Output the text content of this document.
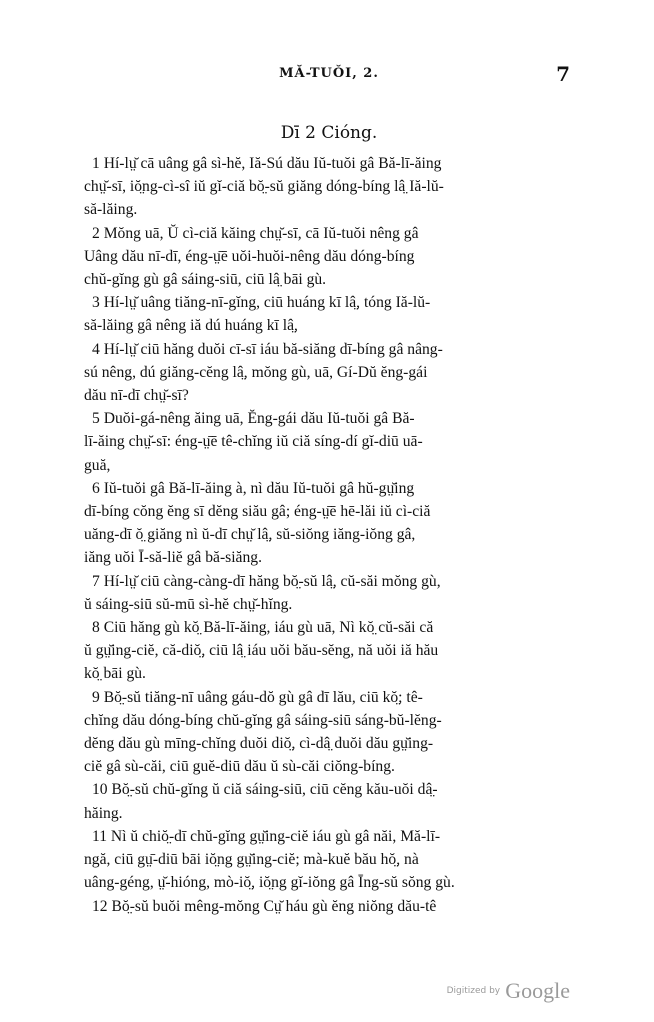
MĂ-TUŎI, 2.	7
Dī 2 Cióng.

1 Hí-lṳ̆ cā uâng gâ sì-hĕ, Iă-Sú dău Iŭ-tuŏi gâ Bă-lī-ăing
chṳ̆-sī, iŏ̤ng-cì-sî iŭ gĭ-ciă bŏ̤-sŭ giăng dóng-bíng lâ̤ Iă-lŭ-
să-lăing.

2 Mŏng uā, Ŭ cì-ciă kăing chṳ̆-sī, cā Iŭ-tuŏi nêng gâ
Uâng dău nī-dī, éng-ṳ̄ē uŏi-huŏi-nêng dău dóng-bíng
chŭ-gĭng gù gâ sáing-siū, ciū lâ̤ bāi gù.

3 Hí-lṳ̆ uâng tiăng-nī-gĭng, ciū huáng kī lâ̤, tóng Iă-lŭ-
să-lăing gâ nêng iă dú huáng kī lâ̤,

4 Hí-lṳ̆ ciū hăng duŏi cī-sī iáu bă-siăng dī-bíng gâ nâng-
sú nêng, dú giăng-cĕng lâ̤, mŏng gù, uā, Gí-Dŭ ĕng-gái
dău nī-dī chṳ̆-sī?

5 Duŏi-gá-nêng ăing uā, Ĕng-gái dău Iŭ-tuŏi gâ Bă-
lī-ăing chṳ̆-sī: éng-ṳ̄ē tê-chĭng iŭ ciă síng-dí gĭ-diū uā-
guă,

6 Iŭ-tuŏi gâ Bă-lī-ăing à, nì dău Iŭ-tuŏi gâ hŭ-gṳ̆ing
dī-bíng cŏng ĕng sī dĕng siău gâ; éng-ṳ̄ē hē-lăi iŭ cì-ciă
uăng-dī ŏ̤ giăng nì ŭ-dī chṳ̆ lâ̤, sŭ-siŏng iăng-iŏng gâ,
iăng uŏi Ī-să-liĕ gâ bă-siăng.

7 Hí-lṳ̆ ciū càng-càng-dī hăng bŏ̤-sŭ lâ̤, cŭ-săi mŏng gù,
ŭ sáing-siū sŭ-mū sì-hĕ chṳ̆-hĭng.

8 Ciū hăng gù kŏ̤ Bă-lī-ăing, iáu gù uā, Nì kŏ̤ cŭ-săi că
ŭ gṳ̆ing-ciĕ, că-diŏ̤, ciū lâ̤ iáu uŏi bău-sĕng, nă uŏi iă hău
kŏ̤ bāi gù.

9 Bŏ̤-sŭ tiăng-nī uâng gáu-dŏ gù gâ dī lău, ciū kŏ̤; tê-
chĭng dău dóng-bíng chŭ-gĭng gâ sáing-siū sáng-bŭ-lĕng-
dĕng dău gù mīng-chĭng duŏi diŏ̤, cì-dâ̤ duŏi dău gṳ̆ing-
ciĕ gâ sù-căi, ciū guĕ-diū dău ŭ sù-căi ciŏng-bíng.

10 Bŏ̤-sŭ chŭ-gĭng ŭ ciă sáing-siū, ciū cĕng kău-uŏi dâ̤-
hăing.

11 Nì ŭ chiŏ̤-dī chŭ-gĭng gṳ̆ing-ciĕ iáu gù gâ năi, Mă-lī-
ngă, ciū gṳ̄-diū bāi iŏ̤ng gṳ̆ing-ciĕ; mà-kuĕ bău hŏ̤, nà
uâng-géng, ṳ̆-hióng, mò-iŏ̤, iŏ̤ng gĭ-iŏng gâ Īng-sŭ sŏng gù.

12 Bŏ̤-sŭ buŏi mêng-mŏng Cṳ̆ háu gù ĕng niŏng dău-tê

Digitized by Google
